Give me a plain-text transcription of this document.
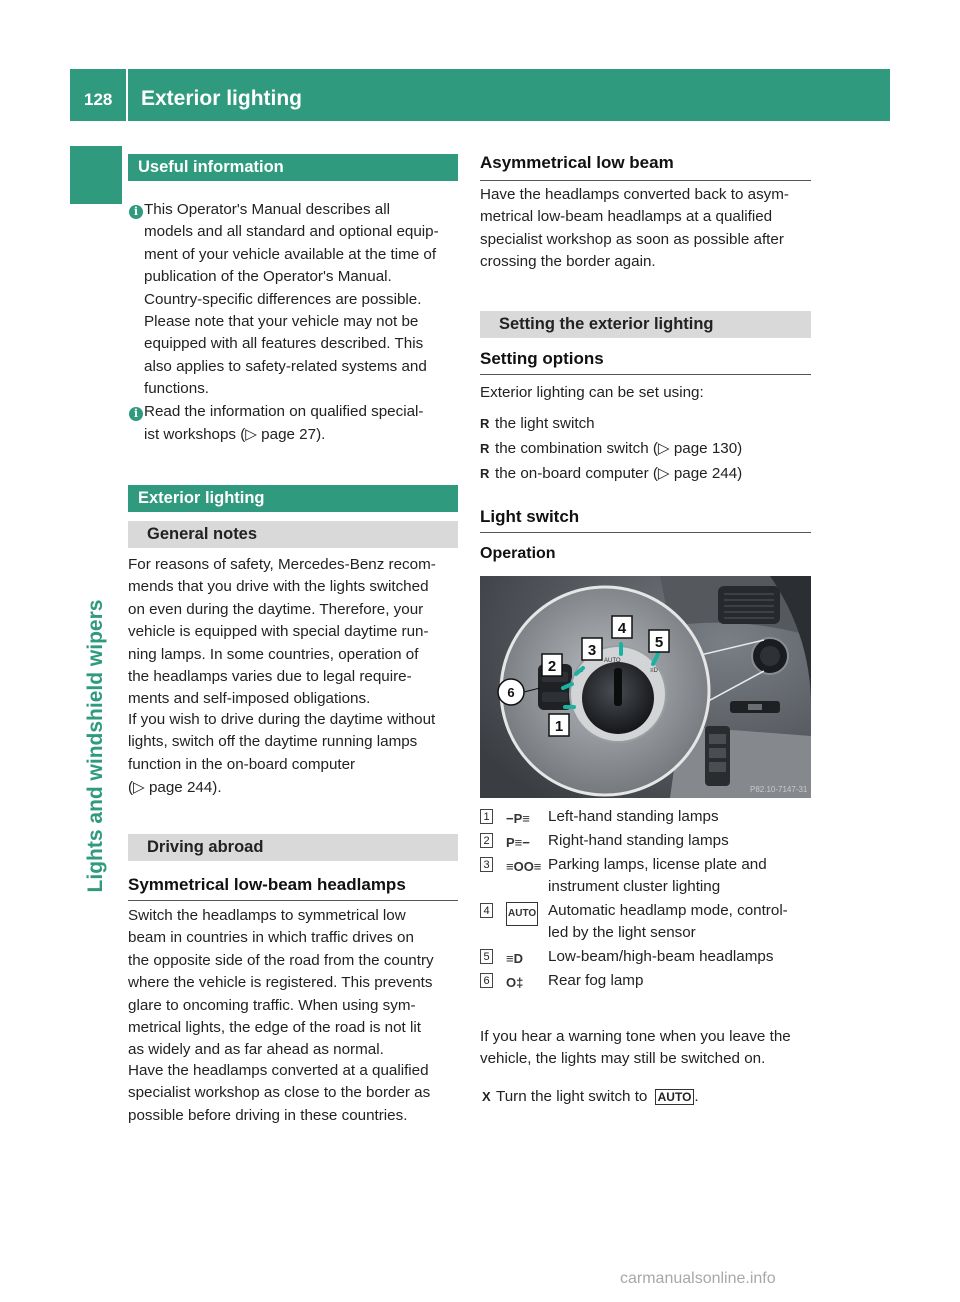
128 Exterior lighting
Lights and windshield wipers
Useful information
i This Operator's Manual describes all
models and all standard and optional equip-
ment of your vehicle available at the time of
publication of the Operator's Manual.
Country-specific differences are possible.
Please note that your vehicle may not be
equipped with all features described. This
also applies to safety-related systems and
functions.
i Read the information on qualified special-
ist workshops (▷ page 27).
Exterior lighting
General notes
For reasons of safety, Mercedes-Benz recom-
mends that you drive with the lights switched
on even during the daytime. Therefore, your
vehicle is equipped with special daytime run-
ning lamps. In some countries, operation of
the headlamps varies due to legal require-
ments and self-imposed obligations.
If you wish to drive during the daytime without
lights, switch off the daytime running lamps
function in the on-board computer
(▷ page 244).
Driving abroad
Symmetrical low-beam headlamps
Switch the headlamps to symmetrical low
beam in countries in which traffic drives on
the opposite side of the road from the country
where the vehicle is registered. This prevents
glare to oncoming traffic. When using sym-
metrical lights, the edge of the road is not lit
as widely and as far ahead as normal.
Have the headlamps converted at a qualified
specialist workshop as close to the border as
possible before driving in these countries.
Asymmetrical low beam
Have the headlamps converted back to asym-
metrical low-beam headlamps at a qualified
specialist workshop as soon as possible after
crossing the border again.
Setting the exterior lighting
Setting options
Exterior lighting can be set using:
R the light switch
R the combination switch (▷ page 130)
R the on-board computer (▷ page 244)
Light switch
Operation
AUTO
≡D
1
2
3
4
5
6
P82.10-7147-31
1 −P≡ Left-hand standing lamps
2 P≡− Right-hand standing lamps
3 ≡OO≡ Parking lamps, license plate and
instrument cluster lighting
4	AUTO Automatic headlamp mode, control-
led by the light sensor
5 ≡D Low-beam/high-beam headlamps
6 O‡ Rear fog lamp
If you hear a warning tone when you leave the
vehicle, the lights may still be switched on.
X Turn the light switch to AUTO .
carmanualsonline.info
